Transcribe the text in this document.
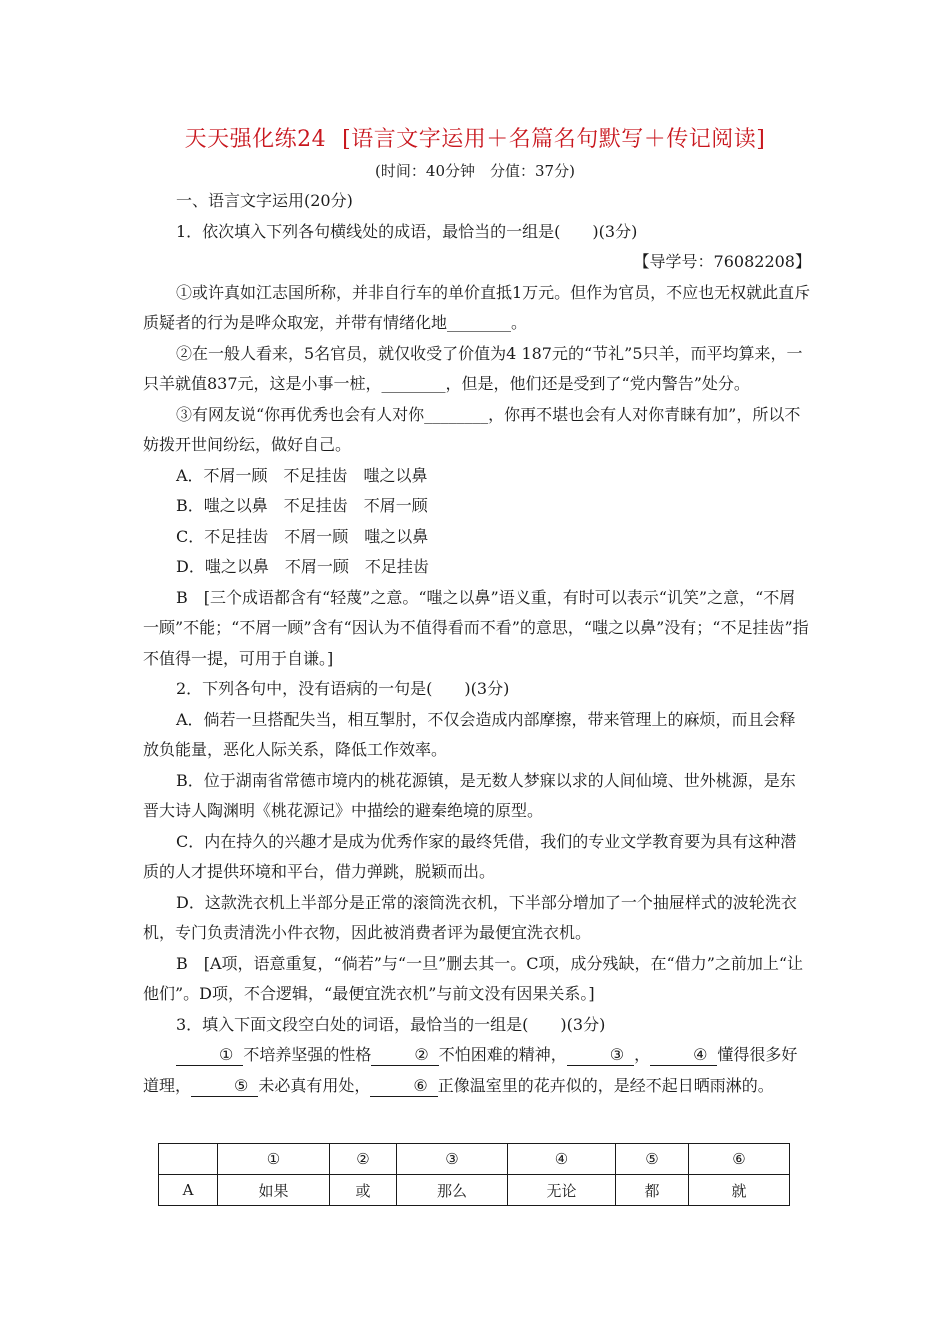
天天强化练24 [语言文字运用＋名篇名句默写＋传记阅读]
(时间：40分钟　分值：37分)

一、语言文字运用(20分)

1．依次填入下列各句横线处的成语，最恰当的一组是(　　)(3分)

【导学号：76082208】

①或许真如江志国所称，并非自行车的单价直抵1万元。但作为官员，不应也无权就此直斥质疑者的行为是哗众取宠，并带有情绪化地________。

②在一般人看来，5名官员，就仅收受了价值为4 187元的“节礼”5只羊，而平均算来，一只羊就值837元，这是小事一桩，________，但是，他们还是受到了“党内警告”处分。

③有网友说“你再优秀也会有人对你________，你再不堪也会有人对你青睐有加”，所以不妨拨开世间纷纭，做好自己。

A．不屑一顾　不足挂齿　嗤之以鼻

B．嗤之以鼻　不足挂齿　不屑一顾

C．不足挂齿　不屑一顾　嗤之以鼻

D．嗤之以鼻　不屑一顾　不足挂齿

B　[三个成语都含有“轻蔑”之意。“嗤之以鼻”语义重，有时可以表示“讥笑”之意，“不屑一顾”不能；“不屑一顾”含有“因认为不值得看而不看”的意思，“嗤之以鼻”没有；“不足挂齿”指不值得一提，可用于自谦。]

2．下列各句中，没有语病的一句是(　　)(3分)

A．倘若一旦搭配失当，相互掣肘，不仅会造成内部摩擦，带来管理上的麻烦，而且会释放负能量，恶化人际关系，降低工作效率。

B．位于湖南省常德市境内的桃花源镇，是无数人梦寐以求的人间仙境、世外桃源，是东晋大诗人陶渊明《桃花源记》中描绘的避秦绝境的原型。

C．内在持久的兴趣才是成为优秀作家的最终凭借，我们的专业文学教育要为具有这种潜质的人才提供环境和平台，借力弹跳，脱颖而出。

D．这款洗衣机上半部分是正常的滚筒洗衣机，下半部分增加了一个抽屉样式的波轮洗衣机，专门负责清洗小件衣物，因此被消费者评为最便宜洗衣机。

B　[A项，语意重复，“倘若”与“一旦”删去其一。C项，成分残缺，在“借力”之前加上“让他们”。D项，不合逻辑，“最便宜洗衣机”与前文没有因果关系。]

3．填入下面文段空白处的词语，最恰当的一组是(　　)(3分)

① 不培养坚强的性格	② 不怕困难的精神，	③ ，	④ 懂得很多好道理，	⑤ 未必真有用处，	⑥ 正像温室里的花卉似的，是经不起日晒雨淋的。

	①	②	③	④	⑤	⑥
A	如果	或	那么	无论	都	就
